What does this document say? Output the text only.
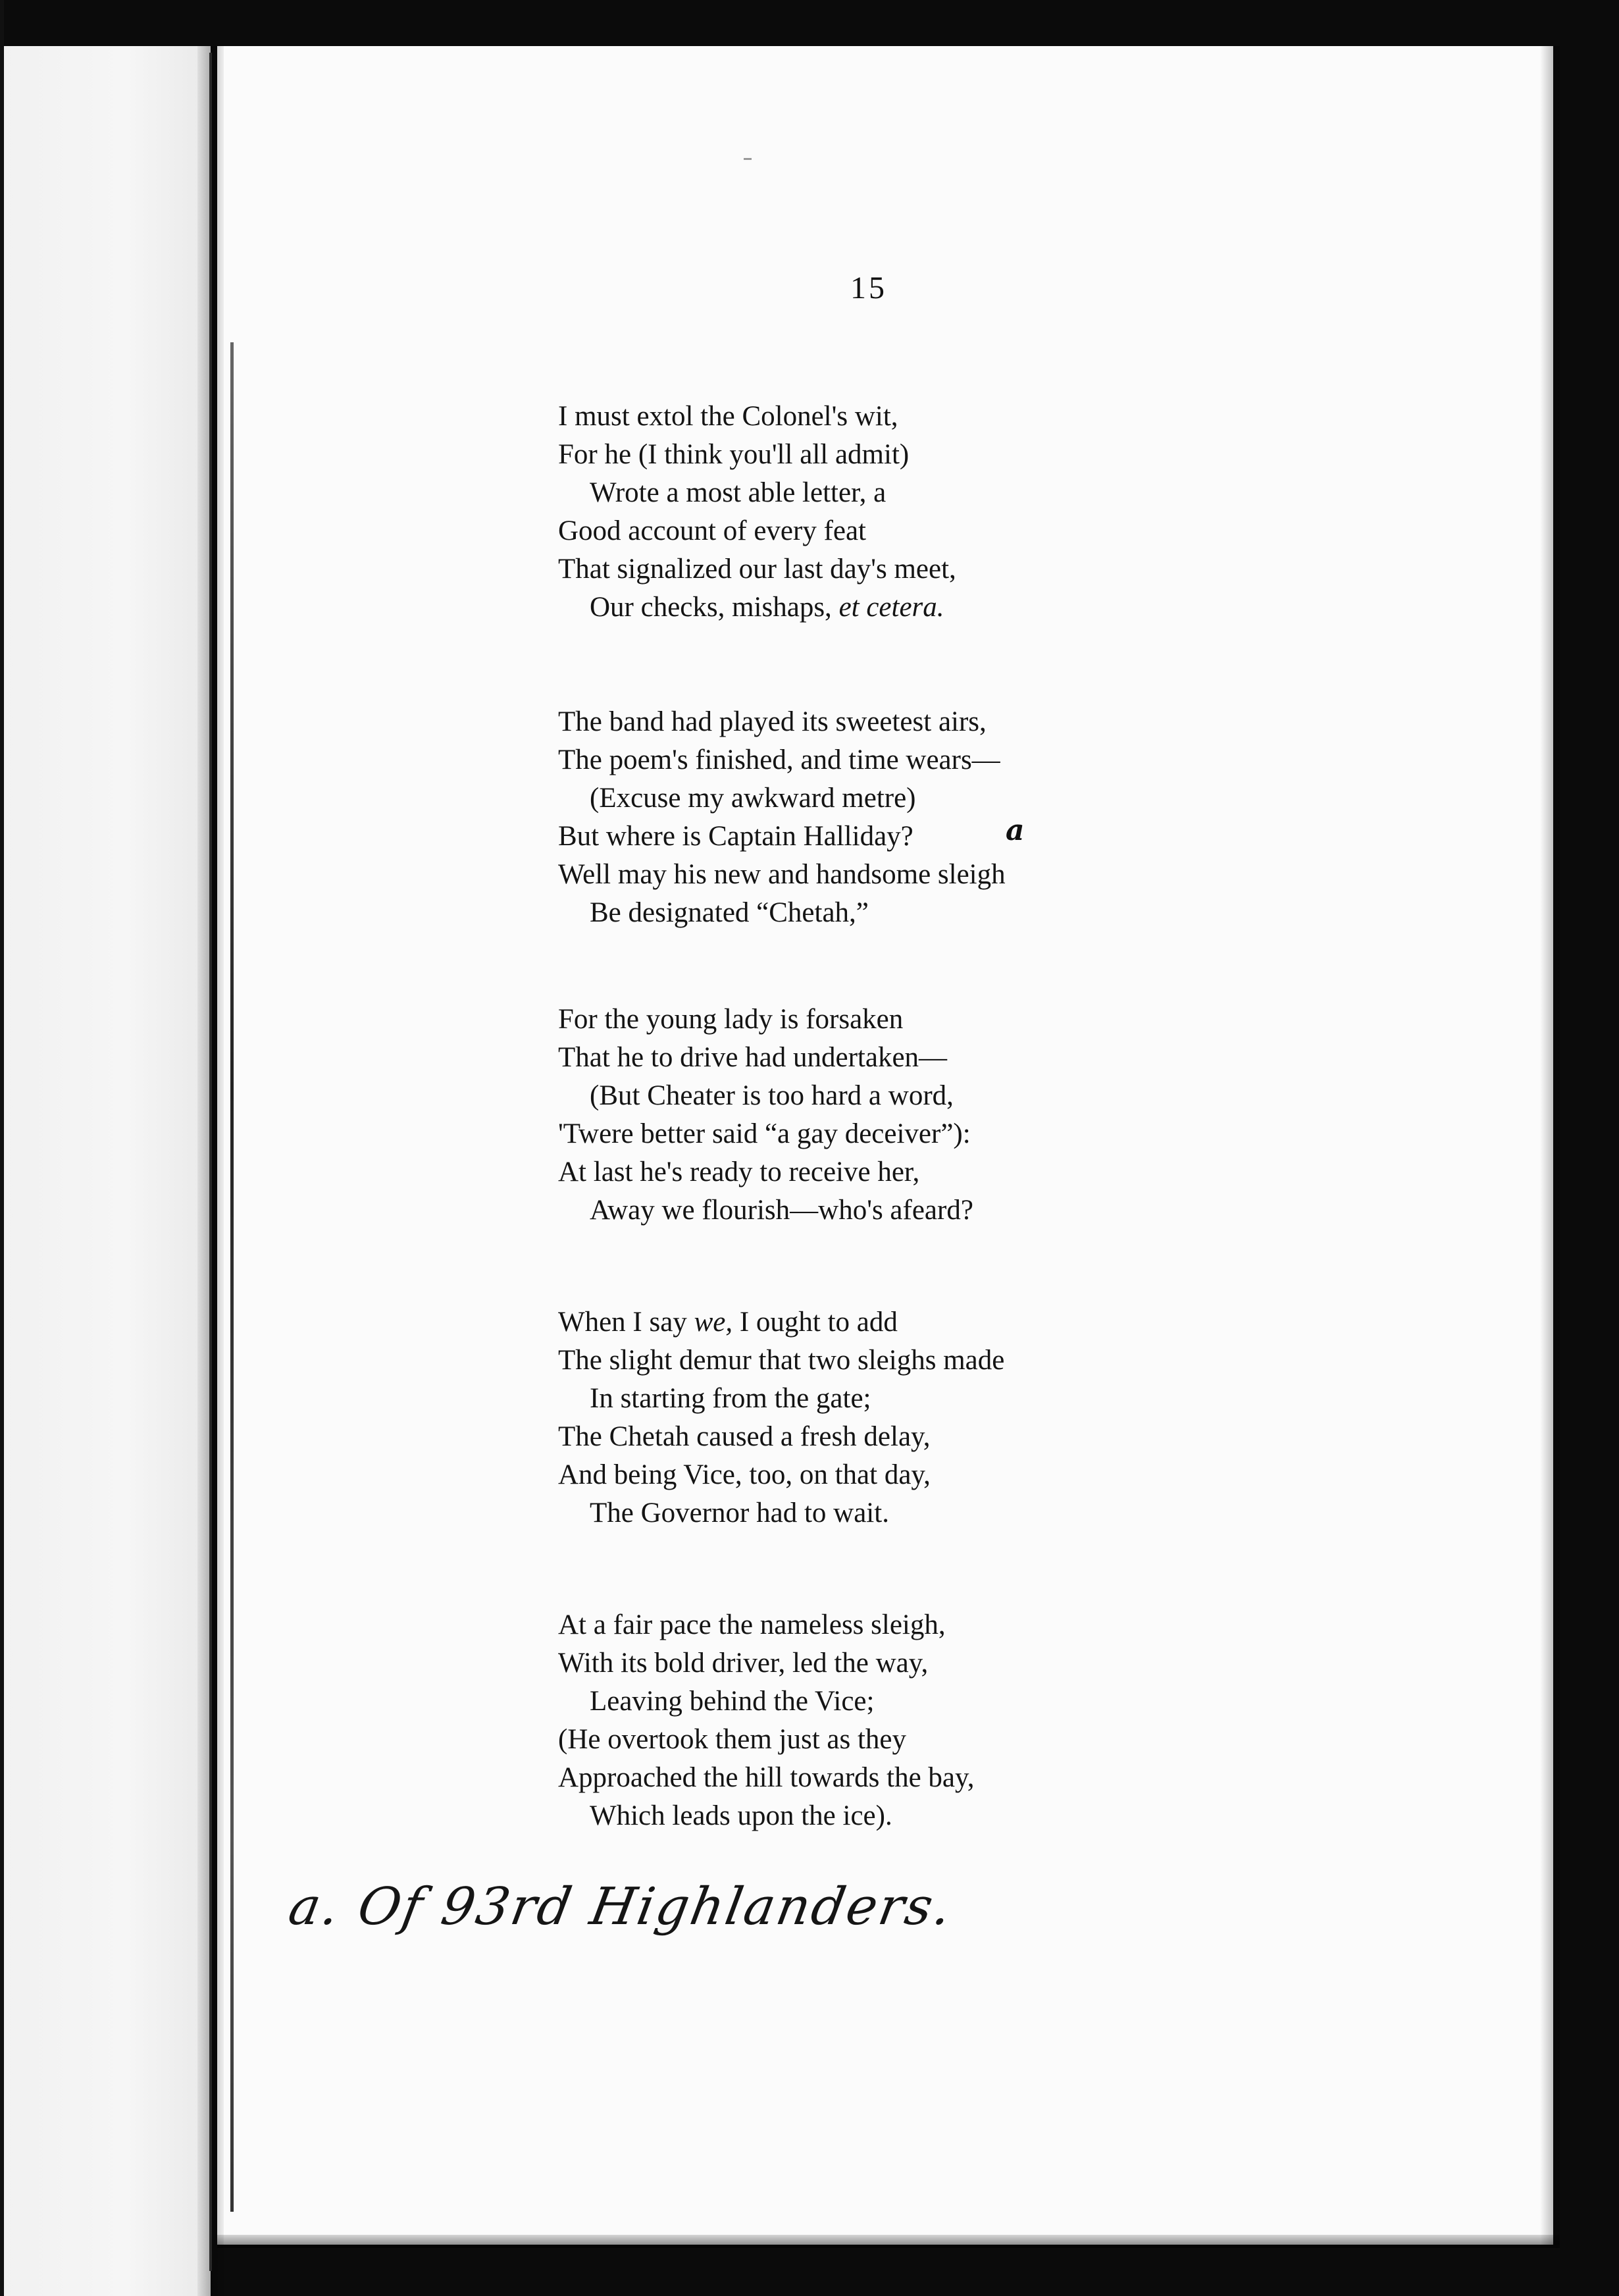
15
I must extol the Colonel's wit,
For he (I think you'll all admit)
Wrote a most able letter, a
Good account of every feat
That signalized our last day's meet,
Our checks, mishaps, et cetera.
The band had played its sweetest airs,
The poem's finished, and time wears—
(Excuse my awkward metre)
But where is Captain Halliday?
Well may his new and handsome sleigh
Be designated “Chetah,”
a
For the young lady is forsaken
That he to drive had undertaken—
(But Cheater is too hard a word,
'Twere better said “a gay deceiver”):
At last he's ready to receive her,
Away we flourish—who's afeard?
When I say we, I ought to add
The slight demur that two sleighs made
In starting from the gate;
The Chetah caused a fresh delay,
And being Vice, too, on that day,
The Governor had to wait.
At a fair pace the nameless sleigh,
With its bold driver, led the way,
Leaving behind the Vice;
(He overtook them just as they
Approached the hill towards the bay,
Which leads upon the ice).
a. Of 93rd Highlanders.
